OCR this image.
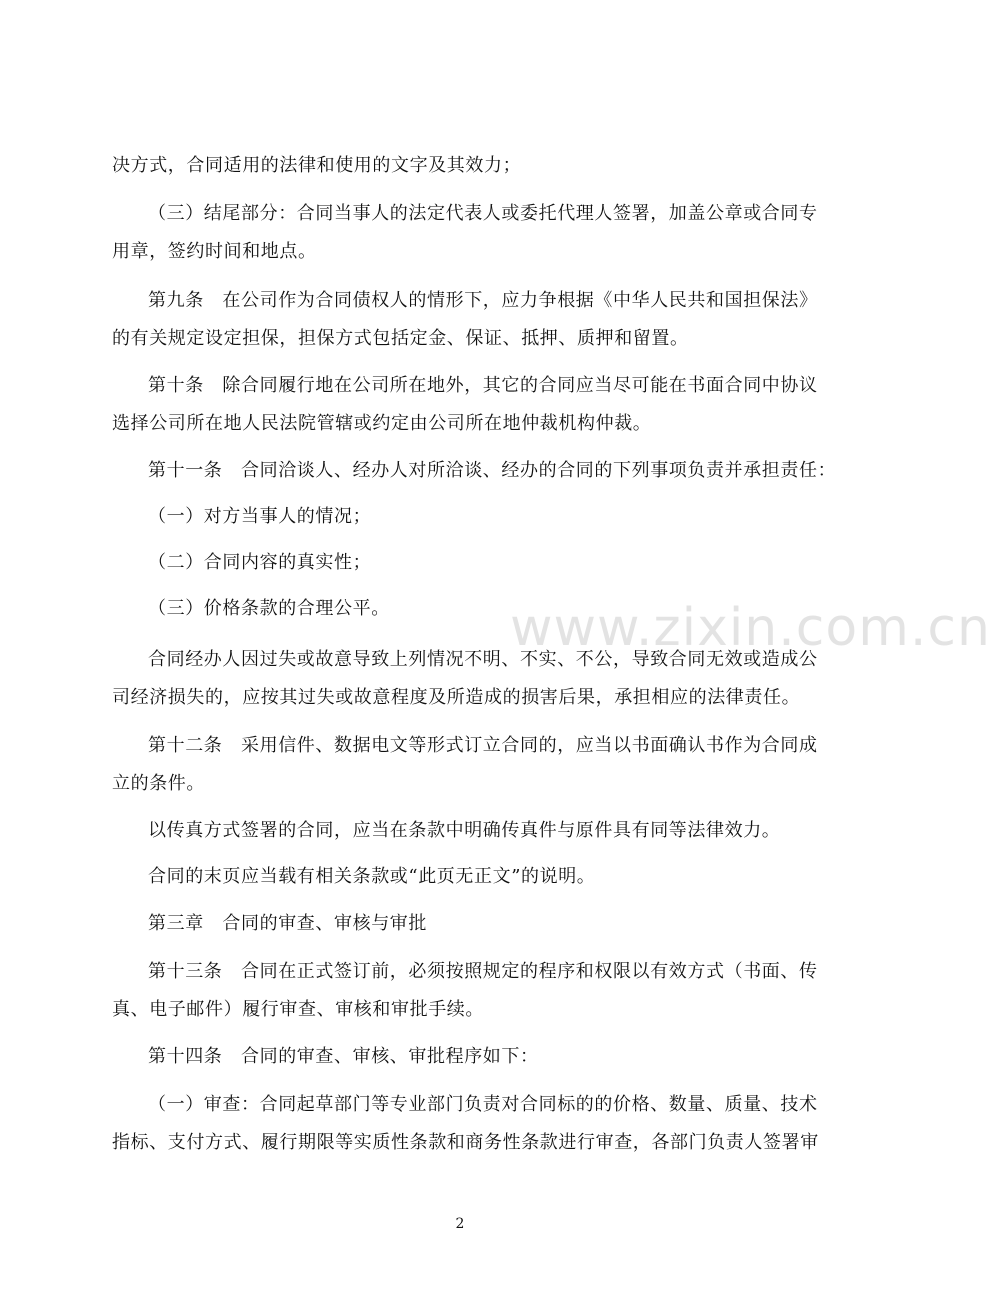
决方式，合同适用的法律和使用的文字及其效力；

（三）结尾部分：合同当事人的法定代表人或委托代理人签署，加盖公章或合同专
用章，签约时间和地点。

第九条　在公司作为合同债权人的情形下，应力争根据《中华人民共和国担保法》
的有关规定设定担保，担保方式包括定金、保证、抵押、质押和留置。

第十条　除合同履行地在公司所在地外，其它的合同应当尽可能在书面合同中协议
选择公司所在地人民法院管辖或约定由公司所在地仲裁机构仲裁。

第十一条　合同洽谈人、经办人对所洽谈、经办的合同的下列事项负责并承担责任：

（一）对方当事人的情况；

（二）合同内容的真实性；

（三）价格条款的合理公平。

合同经办人因过失或故意导致上列情况不明、不实、不公，导致合同无效或造成公
司经济损失的，应按其过失或故意程度及所造成的损害后果，承担相应的法律责任。

第十二条　采用信件、数据电文等形式订立合同的，应当以书面确认书作为合同成
立的条件。

以传真方式签署的合同，应当在条款中明确传真件与原件具有同等法律效力。

合同的末页应当载有相关条款或“此页无正文”的说明。

第三章　合同的审查、审核与审批

第十三条　合同在正式签订前，必须按照规定的程序和权限以有效方式（书面、传
真、电子邮件）履行审查、审核和审批手续。

第十四条　合同的审查、审核、审批程序如下：

（一）审查：合同起草部门等专业部门负责对合同标的的价格、数量、质量、技术
指标、支付方式、履行期限等实质性条款和商务性条款进行审查，各部门负责人签署审

www.zixin.com.cn
2
